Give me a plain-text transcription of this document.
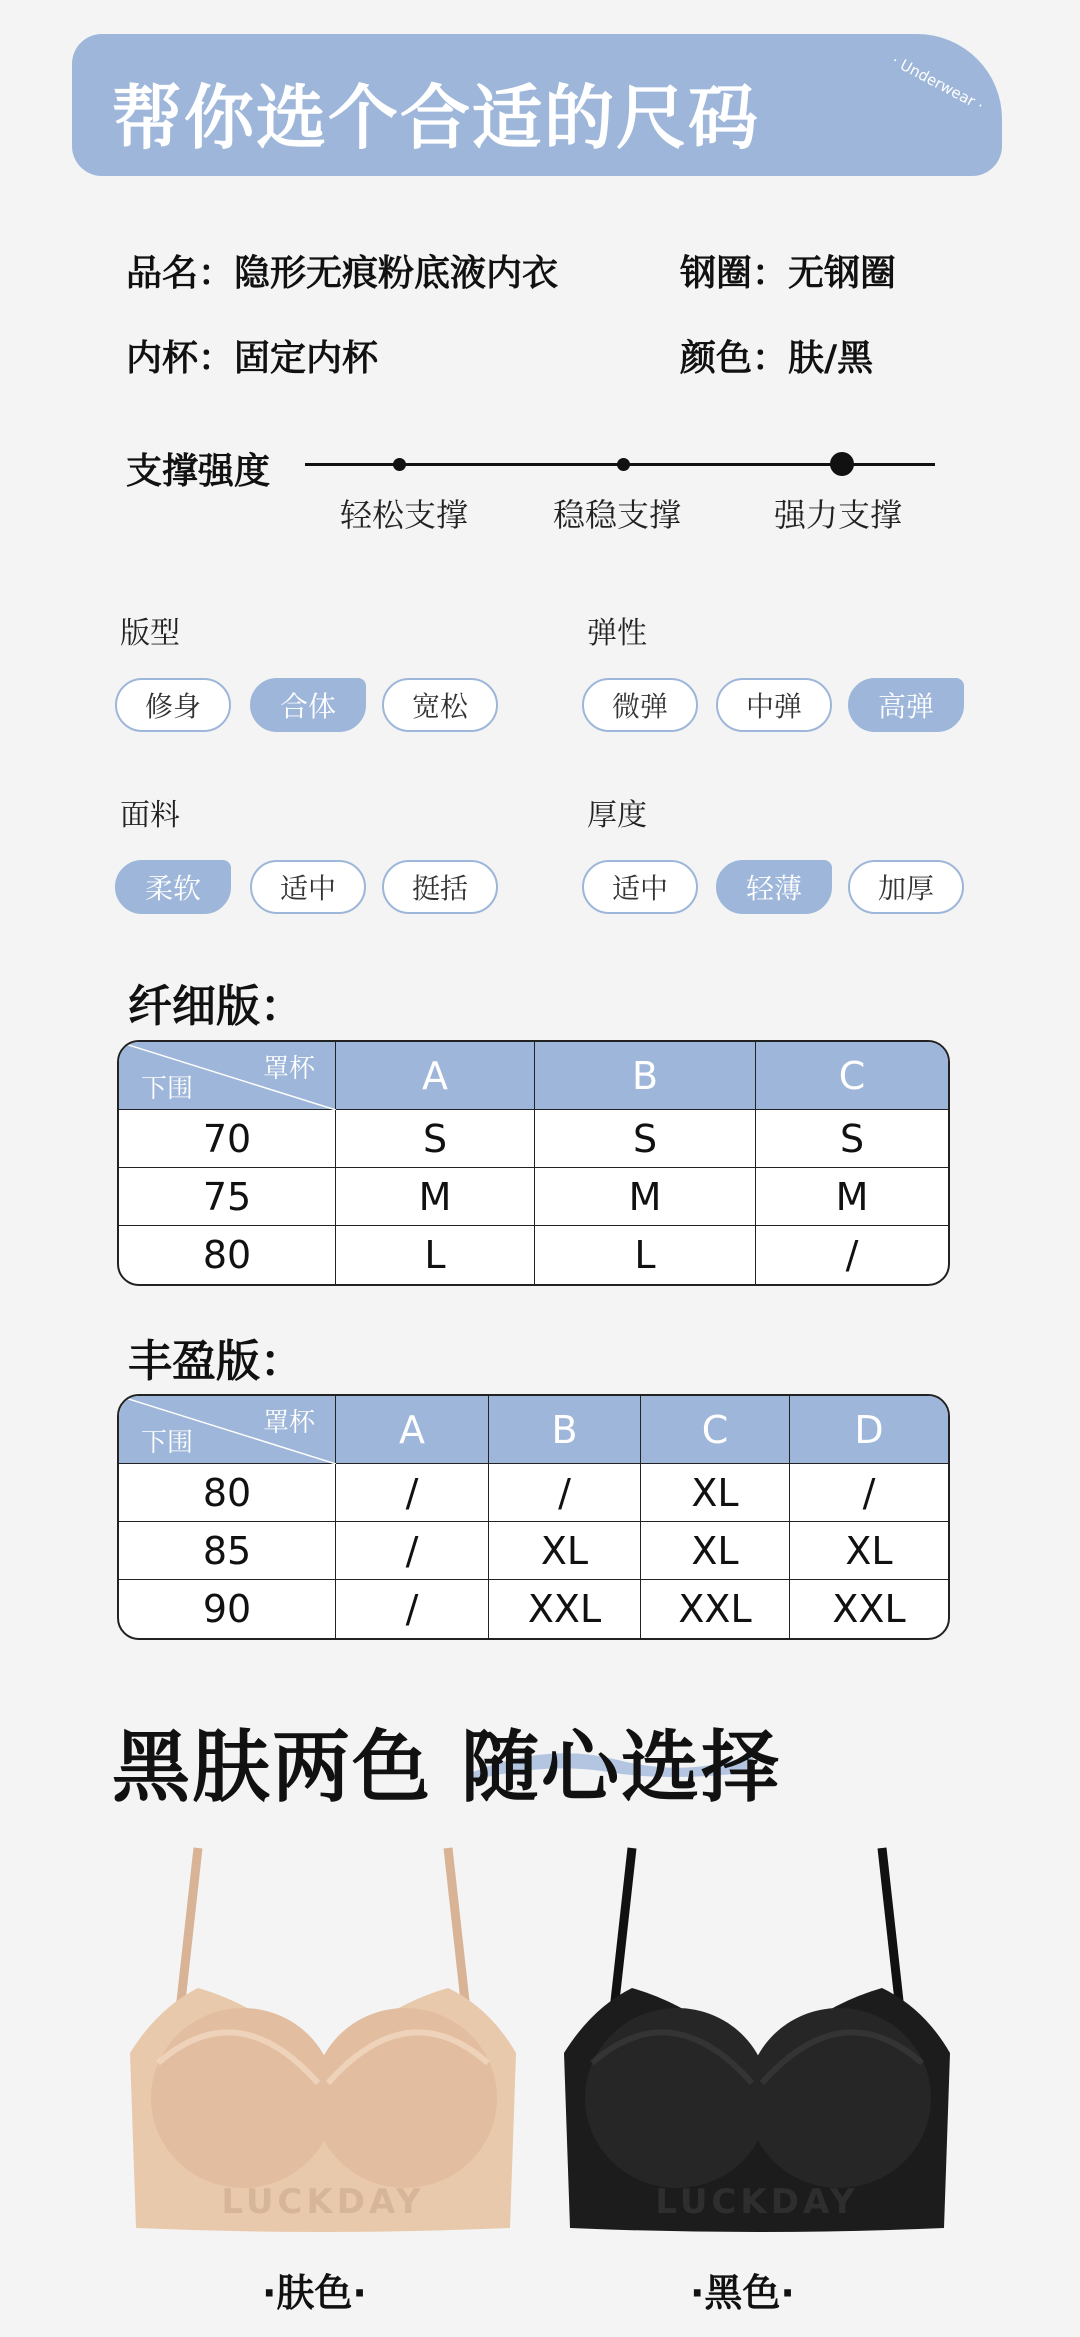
帮你选个合适的尺码	· Underwear ·
品名：隐形无痕粉底液内衣	钢圈：无钢圈
内杯：固定内杯	颜色：肤/黑
支撑强度
轻松支撑	稳稳支撑	强力支撑
版型
修身	合体	宽松
弹性
微弹	中弹	高弹
面料
柔软	适中	挺括
厚度
适中	轻薄	加厚
纤细版：
罩杯
下围	A	B	C
70	S	S	S
75	M	M	M
80	L	L	/
丰盈版：
罩杯
下围	A	B	C	D
80	/	/	XL	/
85	/	XL	XL	XL
90	/	XXL	XXL	XXL
黑肤两色 随心选择
LUCKDAY	LUCKDAY
·肤色·	·黑色·
